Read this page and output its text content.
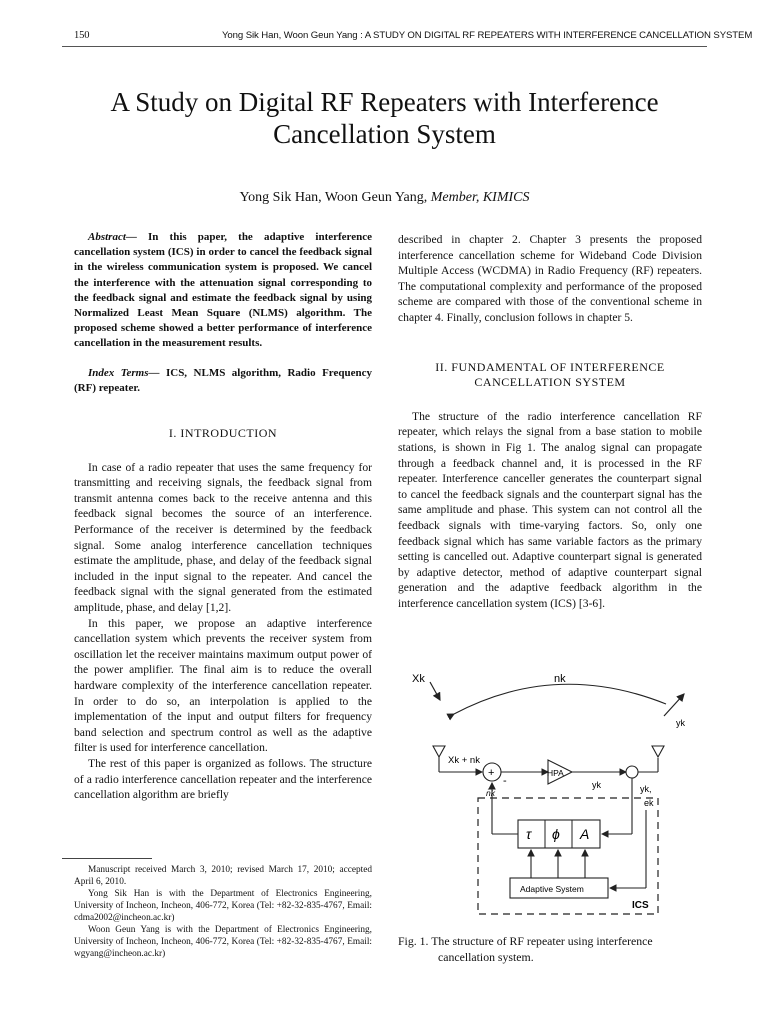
150	Yong Sik Han, Woon Geun Yang : A STUDY ON DIGITAL RF REPEATERS WITH INTERFERENCE CANCELLATION SYSTEM
A Study on Digital RF Repeaters with Interference
Cancellation System
Yong Sik Han, Woon Geun Yang, Member, KIMICS

Abstract— In this paper, the adaptive interference cancellation system (ICS) in order to cancel the feedback signal in the wireless communication system is proposed. We cancel the interference with the attenuation signal corresponding to the feedback signal and estimate the feedback signal by using Normalized Least Mean Square (NLMS) algorithm. The proposed scheme showed a better performance of interference cancellation in the measurement results.

Index Terms— ICS, NLMS algorithm, Radio Frequency (RF) repeater.

I. INTRODUCTION

In case of a radio repeater that uses the same frequency for transmitting and receiving signals, the feedback signal from transmit antenna comes back to the receive antenna and this feedback signal becomes the source of an interference. Performance of the receiver is determined by the feedback signal. Some analog interference cancellation techniques estimate the amplitude, phase, and delay of the feedback signal included in the input signal to the repeater. And cancel the feedback signal with the signal generated from the estimated amplitude, phase, and delay [1,2].

In this paper, we propose an adaptive interference cancellation system which prevents the receiver system from oscillation let the receiver maintains maximum output power of the power amplifier. The final aim is to reduce the overall hardware complexity of the interference cancellation repeater. In order to do so, an interpolation is applied to the implementation of the input and output filters for frequency band selection and spectrum control as well as the adaptive filter is used for interference cancellation.

The rest of this paper is organized as follows. The structure of a radio interference cancellation repeater and the interference cancellation algorithm are briefly

Manuscript received March 3, 2010; revised March 17, 2010; accepted April 6, 2010.

Yong Sik Han is with the Department of Electronics Engineering, University of Incheon, Incheon, 406-772, Korea (Tel: +82-32-835-4767, Email: cdma2002@incheon.ac.kr)

Woon Geun Yang is with the Department of Electronics Engineering, University of Incheon, Incheon, 406-772, Korea (Tel: +82-32-835-4767, Email: wgyang@incheon.ac.kr)

described in chapter 2. Chapter 3 presents the proposed interference cancellation scheme for Wideband Code Division Multiple Access (WCDMA) in Radio Frequency (RF) repeaters. The computational complexity and performance of the proposed scheme are compared with those of the conventional scheme in chapter 4. Finally, conclusion follows in chapter 5.

II. FUNDAMENTAL OF INTERFERENCE
CANCELLATION SYSTEM

The structure of the radio interference cancellation RF repeater, which relays the signal from a base station to mobile stations, is shown in Fig 1. The analog signal can propagate through a feedback channel and, it is processed in the RF repeater. Interference canceller generates the counterpart signal to cancel the feedback signals and the counterpart signal has the same amplitude and phase. This system can not control all the feedback signals with time-varying factors. So, only one feedback signal which has same variable factors as the primary setting is cancelled out. Adaptive counterpart signal is generated by adaptive detector, method of adaptive counterpart signal generation and the adaptive feedback algorithm in the interference cancellation system (ICS) [3-6].

Xk	nk
yk
Xk + nk
+
-
HPA
yk	yk,
ek
n̂k
τ ϕ A
Adaptive System
ICS
Fig. 1. The structure of RF repeater using interference
cancellation system.
